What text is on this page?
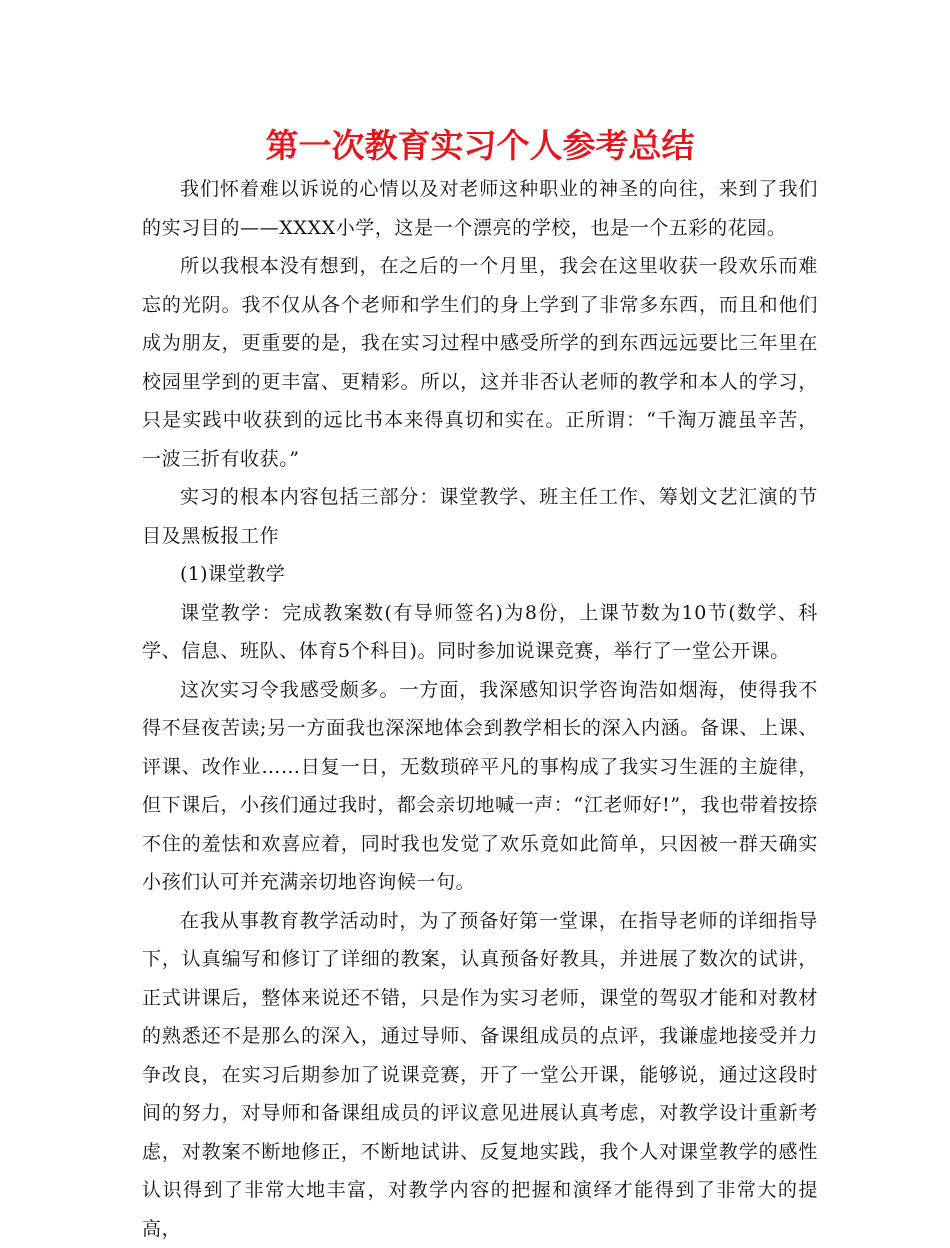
第一次教育实习个人参考总结

我们怀着难以诉说的心情以及对老师这种职业的神圣的向往，来到了我们的实习目的——XXXX小学，这是一个漂亮的学校，也是一个五彩的花园。

所以我根本没有想到，在之后的一个月里，我会在这里收获一段欢乐而难忘的光阴。我不仅从各个老师和学生们的身上学到了非常多东西，而且和他们成为朋友，更重要的是，我在实习过程中感受所学的到东西远远要比三年里在校园里学到的更丰富、更精彩。所以，这并非否认老师的教学和本人的学习，只是实践中收获到的远比书本来得真切和实在。正所谓：“千淘万漉虽辛苦，一波三折有收获。”

实习的根本内容包括三部分：课堂教学、班主任工作、筹划文艺汇演的节目及黑板报工作

(1)课堂教学

课堂教学：完成教案数(有导师签名)为8份，上课节数为10节(数学、科学、信息、班队、体育5个科目)。同时参加说课竞赛，举行了一堂公开课。

这次实习令我感受颇多。一方面，我深感知识学咨询浩如烟海，使得我不得不昼夜苦读;另一方面我也深深地体会到教学相长的深入内涵。备课、上课、评课、改作业……日复一日，无数琐碎平凡的事构成了我实习生涯的主旋律，但下课后，小孩们通过我时，都会亲切地喊一声：“江老师好!”，我也带着按捺不住的羞怯和欢喜应着，同时我也发觉了欢乐竟如此简单，只因被一群天确实小孩们认可并充满亲切地咨询候一句。

在我从事教育教学活动时，为了预备好第一堂课，在指导老师的详细指导下，认真编写和修订了详细的教案，认真预备好教具，并进展了数次的试讲，正式讲课后，整体来说还不错，只是作为实习老师，课堂的驾驭才能和对教材的熟悉还不是那么的深入，通过导师、备课组成员的点评，我谦虚地接受并力争改良，在实习后期参加了说课竞赛，开了一堂公开课，能够说，通过这段时间的努力，对导师和备课组成员的评议意见进展认真考虑，对教学设计重新考虑，对教案不断地修正，不断地试讲、反复地实践，我个人对课堂教学的感性认识得到了非常大地丰富，对教学内容的把握和演绎才能得到了非常大的提高，
